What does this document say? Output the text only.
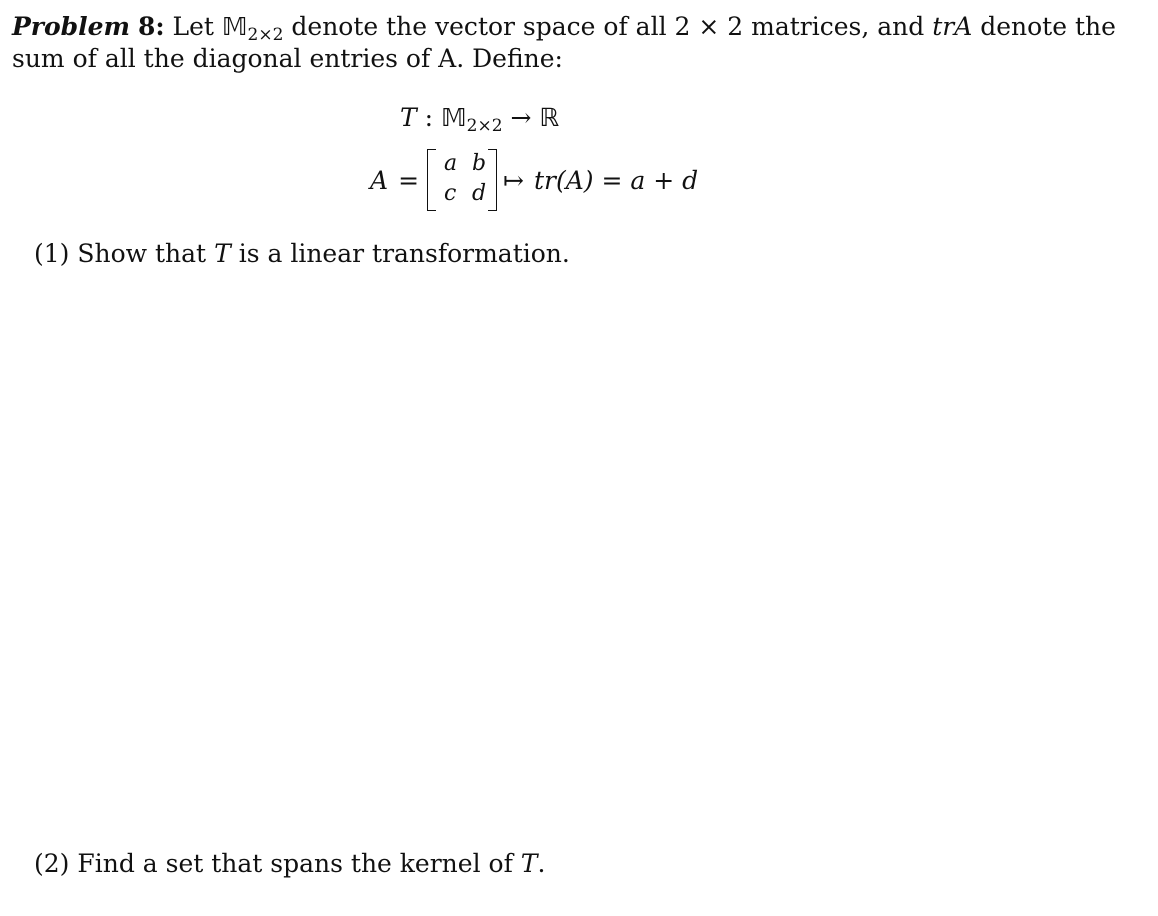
Problem 8: Let 𝕄$_{2\times 2}$ denote the vector space of all 2 × 2 matrices, and trA denote the
sum of all the diagonal entries of A. Define:
T : 𝕄$_{2\times 2}$ → ℝ
A =
a b
c d ↦ tr (A) = a + d
(1) Show that T is a linear transformation.
(2) Find a set that spans the kernel of T.
